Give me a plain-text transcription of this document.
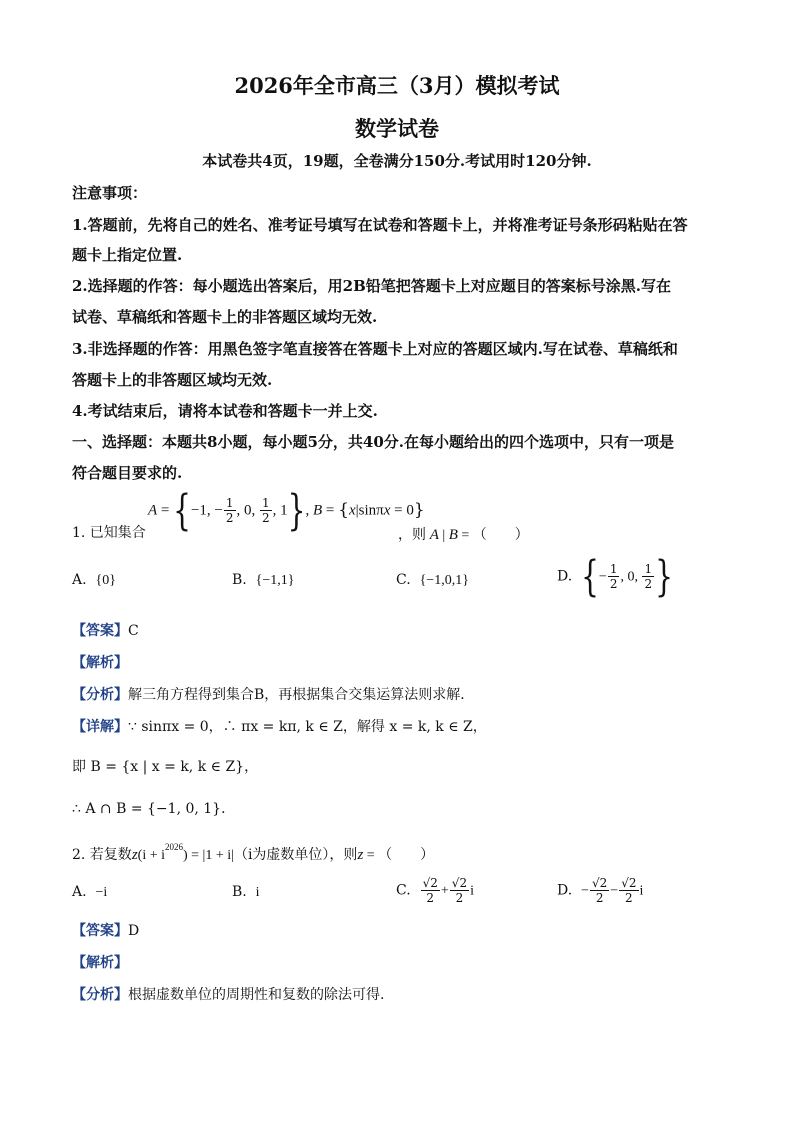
2026年全市高三（3月）模拟考试
数学试卷
本试卷共4页，19题，全卷满分150分.考试用时120分钟.
注意事项：
1.答题前，先将自己的姓名、准考证号填写在试卷和答题卡上，并将准考证号条形码粘贴在答
题卡上指定位置.
2.选择题的作答：每小题选出答案后，用2B铅笔把答题卡上对应题目的答案标号涂黑.写在
试卷、草稿纸和答题卡上的非答题区域均无效.
3.非选择题的作答：用黑色签字笔直接答在答题卡上对应的答题区域内.写在试卷、草稿纸和
答题卡上的非答题区域均无效.
4.考试结束后，请将本试卷和答题卡一并上交.
一、选择题：本题共8小题，每小题5分，共40分.在每小题给出的四个选项中，只有一项是
符合题目要求的.
1. 已知集合
A = {−1, − $\frac{1}{2}$ , 0, $\frac{1}{2}$ , 1}, B = {x|sinπx = 0}
，则 A | B = （　　）
A. {0}	B. {−1,1}	C. {−1,0,1}	D. {− $\frac{1}{2}$ , 0, $\frac{1}{2}$ }
【答案】C
【解析】
【分析】解三角方程得到集合B，再根据集合交集运算法则求解．
【详解】∵ sinπx = 0，∴ πx = kπ, k ∈ Z，解得 x = k, k ∈ Z，
即 B = {x | x = k, k ∈ Z}，
∴ A ∩ B = {−1, 0, 1}．
2. 若复数$z(i + i^{2026}) = |1 + i|(i$为虚数单位），则z = （　　）
A. −i	B. i	C. $\frac{√2}{2} + \frac{√2}{2}$ i	D. − $\frac{√2}{2} - \frac{√2}{2}$ i
【答案】D
【解析】
【分析】根据虚数单位的周期性和复数的除法可得.
